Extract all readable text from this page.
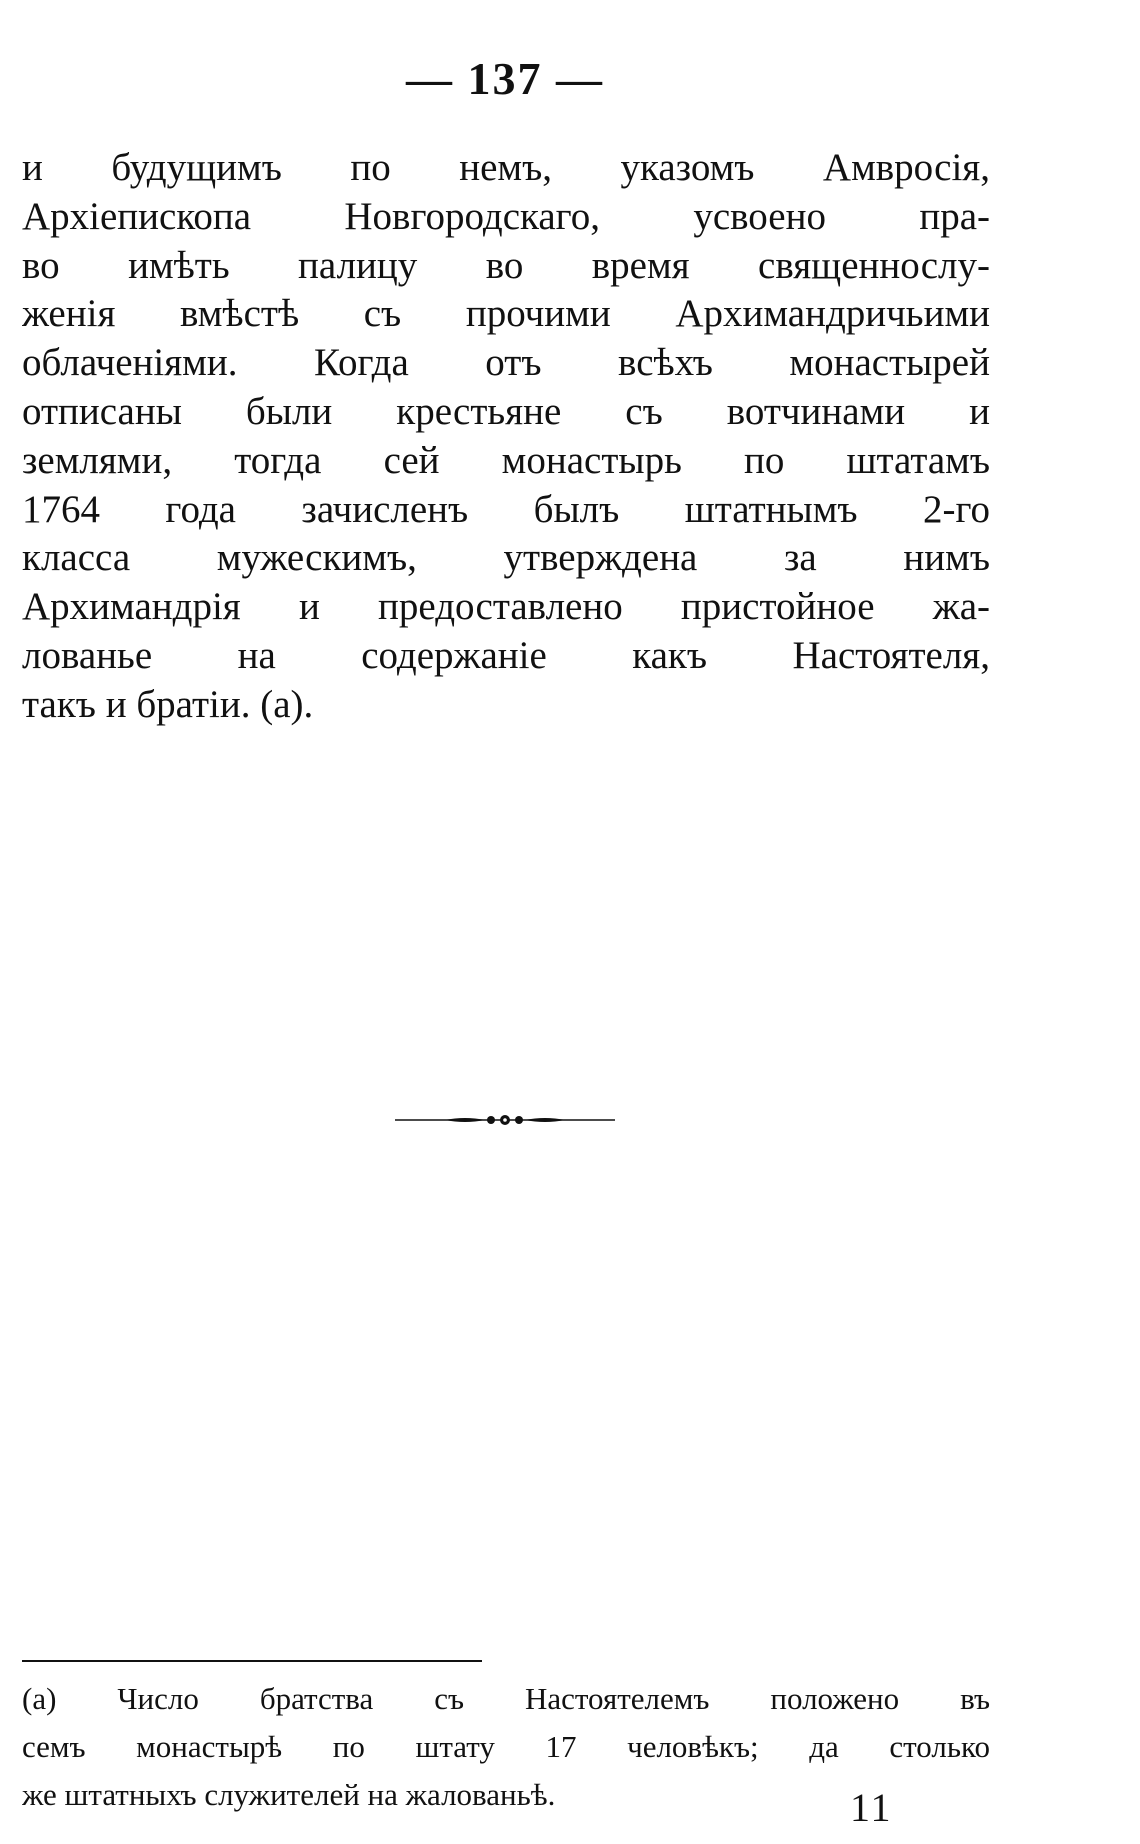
— 137 —
и будущимъ по немъ, указомъ Амвросія,
Архіепископа Новгородскаго, усвоено пра-
во имѣть палицу во время священнослу-
женія вмѣстѣ съ прочими Архимандричьими
облаченіями. Когда отъ всѣхъ монастырей
отписаны были крестьяне съ вотчинами и
землями, тогда сей монастырь по штатамъ
1764 года зачисленъ былъ штатнымъ 2-го
класса мужескимъ, утверждена за нимъ
Архимандрія и предоставлено пристойное жа-
лованье на содержаніе какъ Настоятеля,
такъ и братіи. (а).
(а) Число братства съ Настоятелемъ положено въ
семъ монастырѣ по штату 17 человѣкъ; да столько
же штатныхъ служителей на жалованьѣ.	11
